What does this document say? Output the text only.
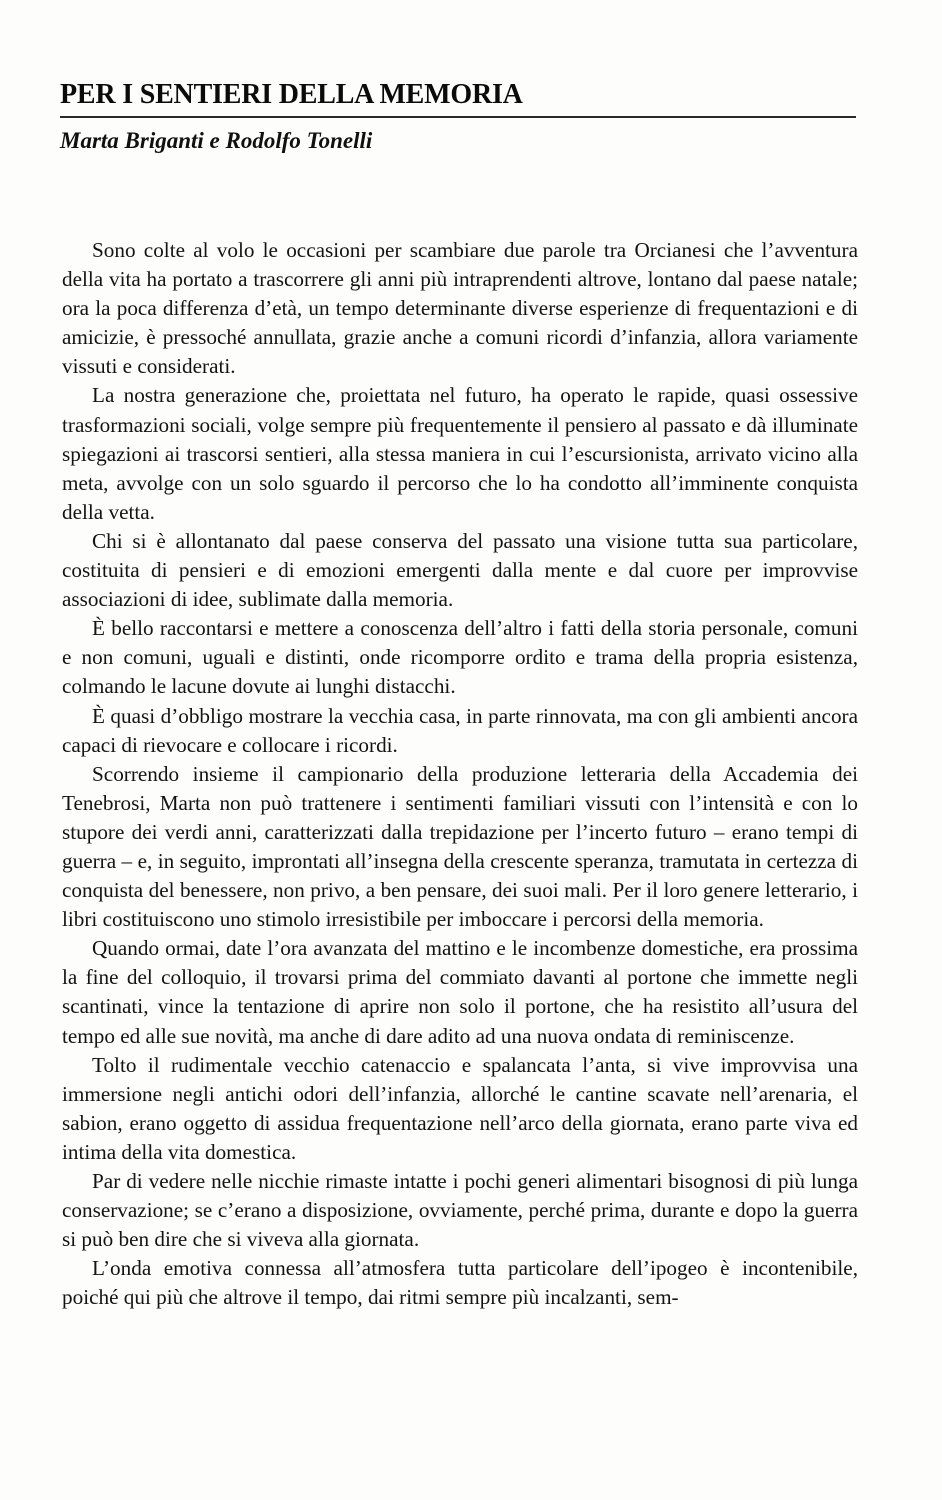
PER I SENTIERI DELLA MEMORIA
Marta Briganti e Rodolfo Tonelli

Sono colte al volo le occasioni per scambiare due parole tra Orcianesi che l’avventura della vita ha portato a trascorrere gli anni più intraprendenti altrove, lontano dal paese natale; ora la poca differenza d’età, un tempo determinante diverse esperienze di frequentazioni e di amicizie, è pressoché annullata, grazie anche a comuni ricordi d’infanzia, allora variamente vissuti e considerati.

La nostra generazione che, proiettata nel futuro, ha operato le rapide, quasi ossessive trasformazioni sociali, volge sempre più frequentemente il pensiero al passato e dà illuminate spiegazioni ai trascorsi sentieri, alla stessa maniera in cui l’escursionista, arrivato vicino alla meta, avvolge con un solo sguardo il percorso che lo ha condotto all’imminente conquista della vetta.

Chi si è allontanato dal paese conserva del passato una visione tutta sua particolare, costituita di pensieri e di emozioni emergenti dalla mente e dal cuore per improvvise associazioni di idee, sublimate dalla memoria.

È bello raccontarsi e mettere a conoscenza dell’altro i fatti della storia personale, comuni e non comuni, uguali e distinti, onde ricomporre ordito e trama della propria esistenza, colmando le lacune dovute ai lunghi distacchi.

È quasi d’obbligo mostrare la vecchia casa, in parte rinnovata, ma con gli ambienti ancora capaci di rievocare e collocare i ricordi.

Scorrendo insieme il campionario della produzione letteraria della Accademia dei Tenebrosi, Marta non può trattenere i sentimenti familiari vissuti con l’intensità e con lo stupore dei verdi anni, caratterizzati dalla trepidazione per l’incerto futuro – erano tempi di guerra – e, in seguito, improntati all’insegna della crescente speranza, tramutata in certezza di conquista del benessere, non privo, a ben pensare, dei suoi mali. Per il loro genere letterario, i libri costituiscono uno stimolo irresistibile per imboccare i percorsi della memoria.

Quando ormai, date l’ora avanzata del mattino e le incombenze domestiche, era prossima la fine del colloquio, il trovarsi prima del commiato davanti al portone che immette negli scantinati, vince la tentazione di aprire non solo il portone, che ha resistito all’usura del tempo ed alle sue novità, ma anche di dare adito ad una nuova ondata di reminiscenze.

Tolto il rudimentale vecchio catenaccio e spalancata l’anta, si vive improvvisa una immersione negli antichi odori dell’infanzia, allorché le cantine scavate nell’arenaria, el sabion, erano oggetto di assidua frequentazione nell’arco della giornata, erano parte viva ed intima della vita domestica.

Par di vedere nelle nicchie rimaste intatte i pochi generi alimentari bisognosi di più lunga conservazione; se c’erano a disposizione, ovviamente, perché prima, durante e dopo la guerra si può ben dire che si viveva alla giornata.

L’onda emotiva connessa all’atmosfera tutta particolare dell’ipogeo è incontenibile, poiché qui più che altrove il tempo, dai ritmi sempre più incalzanti, sem-
